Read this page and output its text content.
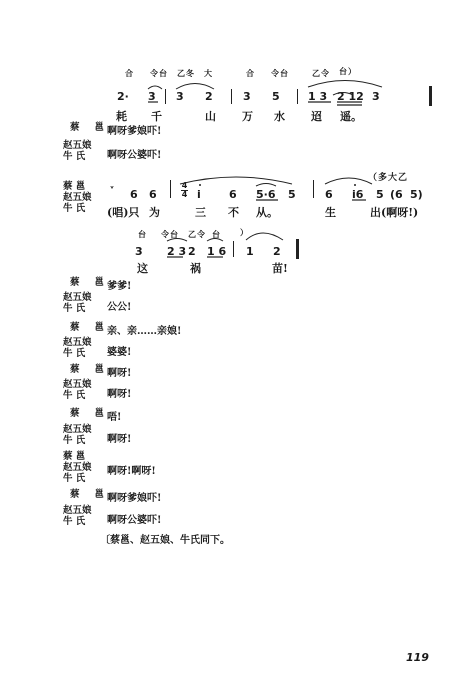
合 令台 乙冬 大	合 令台	乙令 台）
2· 3 3 2	3 5	1 3 2 12 3
耗 千	山 万 水 迢 遥。
蔡 邕 啊呀爹娘吓!
赵五娘
牛 氏	啊呀公婆吓!
（多大乙
蔡 邕
赵五娘
牛 氏
ᵛ 6 6
4
4 i	6 5·6 5	6 i6 5 (6 5)
(唱)只 为	三 不 从。	生	出(啊呀!)
台 令台 乙令 台 ）
3 2 3 2 1 6 1 2
这	祸	苗!
蔡 邕 爹爹!
赵五娘
牛 氏	公公!
蔡 邕 亲、亲……亲娘!
赵五娘
牛 氏	婆婆!
蔡 邕 啊呀!
赵五娘
牛 氏	啊呀!
蔡 邕 唔!
赵五娘
牛 氏	啊呀!
蔡 邕
赵五娘
牛 氏
啊呀!啊呀!
蔡 邕 啊呀爹娘吓!
赵五娘
牛 氏	啊呀公婆吓!
〔蔡邕、赵五娘、牛氏同下。
119
